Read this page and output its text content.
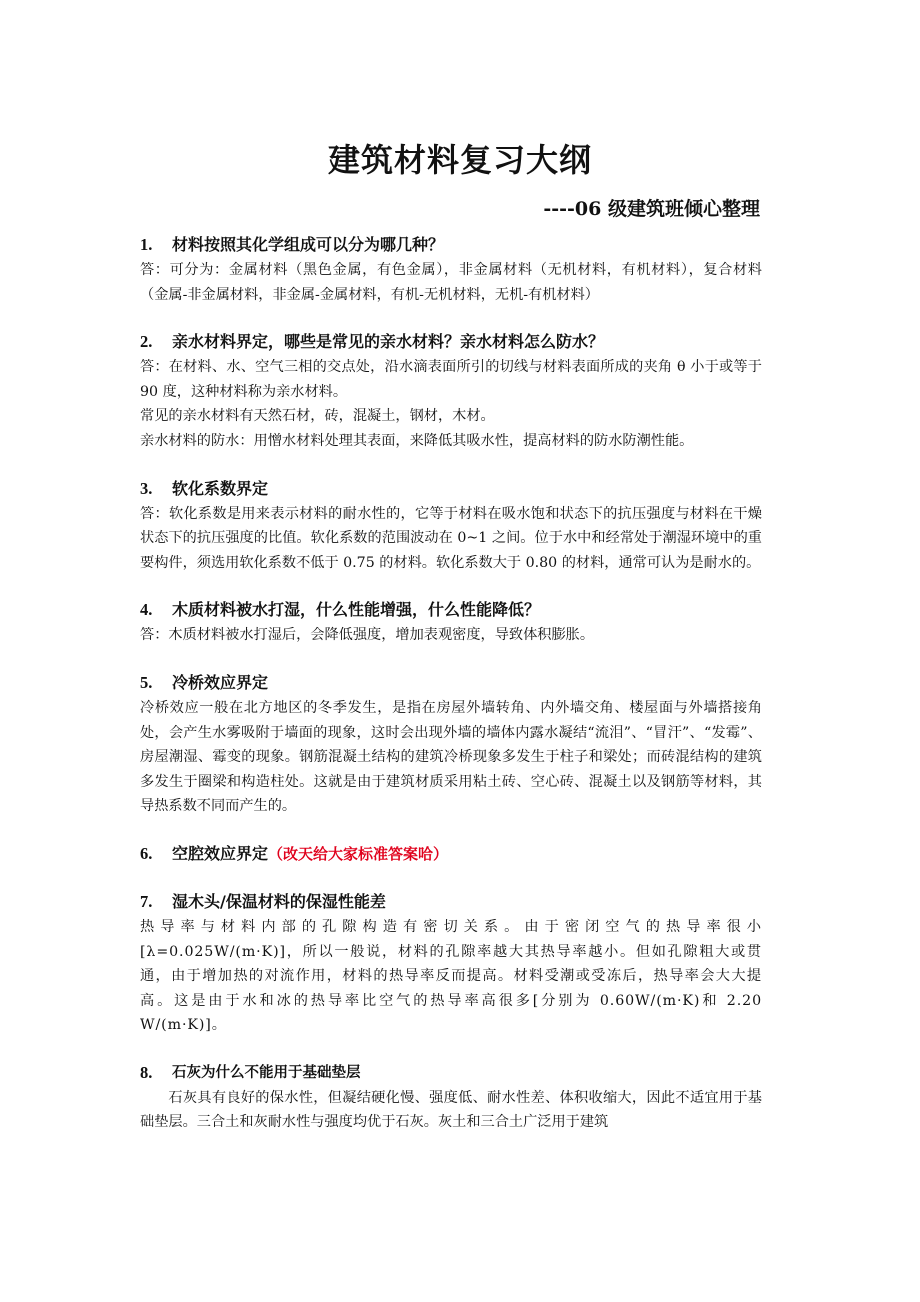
建筑材料复习大纲
----06 级建筑班倾心整理
1.	材料按照其化学组成可以分为哪几种？
答：可分为：金属材料（黑色金属，有色金属），非金属材料（无机材料，有机材料），复合材料（金属-非金属材料，非金属-金属材料，有机-无机材料，无机-有机材料）
2.	亲水材料界定，哪些是常见的亲水材料？亲水材料怎么防水？
答：在材料、水、空气三相的交点处，沿水滴表面所引的切线与材料表面所成的夹角 θ 小于或等于 90 度，这种材料称为亲水材料。
常见的亲水材料有天然石材，砖，混凝土，钢材，木材。
亲水材料的防水：用憎水材料处理其表面，来降低其吸水性，提高材料的防水防潮性能。
3.	软化系数界定
答：软化系数是用来表示材料的耐水性的，它等于材料在吸水饱和状态下的抗压强度与材料在干燥状态下的抗压强度的比值。软化系数的范围波动在 0~1 之间。位于水中和经常处于潮湿环境中的重要构件，须选用软化系数不低于 0.75 的材料。软化系数大于 0.80 的材料，通常可认为是耐水的。
4.	木质材料被水打湿，什么性能增强，什么性能降低？
答：木质材料被水打湿后，会降低强度，增加表观密度，导致体积膨胀。
5.	冷桥效应界定
冷桥效应一般在北方地区的冬季发生，是指在房屋外墙转角、内外墙交角、楼屋面与外墙搭接角处，会产生水雾吸附于墙面的现象，这时会出现外墙的墙体内露水凝结“流泪”、“冒汗”、“发霉”、房屋潮湿、霉变的现象。钢筋混凝土结构的建筑冷桥现象多发生于柱子和梁处；而砖混结构的建筑多发生于圈梁和构造柱处。这就是由于建筑材质采用粘土砖、空心砖、混凝土以及钢筋等材料，其导热系数不同而产生的。
6.	空腔效应界定（改天给大家标准答案哈）
7.	湿木头/保温材料的保湿性能差
热导率与材料内部的孔隙构造有密切关系。由于密闭空气的热导率很小[λ=0.025W/(m·K)]，所以一般说，材料的孔隙率越大其热导率越小。但如孔隙粗大或贯通，由于增加热的对流作用，材料的热导率反而提高。材料受潮或受冻后，热导率会大大提高。这是由于水和冰的热导率比空气的热导率高很多[分别为 0.60W/(m·K)和 2.20 W/(m·K)]。
8.	石灰为什么不能用于基础垫层
石灰具有良好的保水性，但凝结硬化慢、强度低、耐水性差、体积收缩大，因此不适宜用于基础垫层。三合土和灰耐水性与强度均优于石灰。灰土和三合土广泛用于建筑
